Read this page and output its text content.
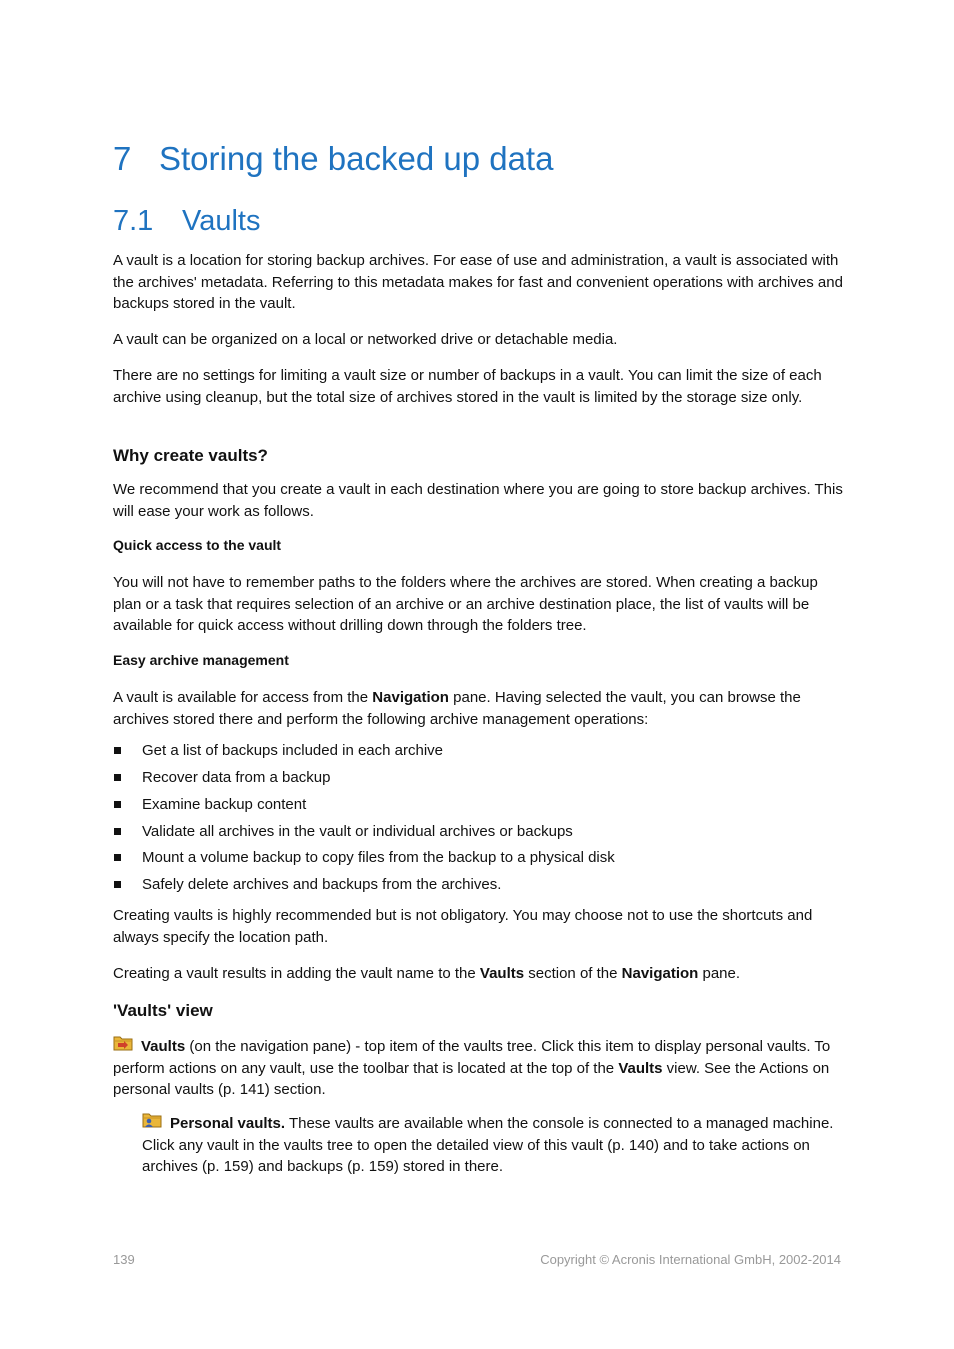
7 Storing the backed up data
7.1 Vaults
A vault is a location for storing backup archives. For ease of use and administration, a vault is associated with the archives' metadata. Referring to this metadata makes for fast and convenient operations with archives and backups stored in the vault.
A vault can be organized on a local or networked drive or detachable media.
There are no settings for limiting a vault size or number of backups in a vault. You can limit the size of each archive using cleanup, but the total size of archives stored in the vault is limited by the storage size only.
Why create vaults?
We recommend that you create a vault in each destination where you are going to store backup archives. This will ease your work as follows.
Quick access to the vault
You will not have to remember paths to the folders where the archives are stored. When creating a backup plan or a task that requires selection of an archive or an archive destination place, the list of vaults will be available for quick access without drilling down through the folders tree.
Easy archive management
A vault is available for access from the Navigation pane. Having selected the vault, you can browse the archives stored there and perform the following archive management operations:
Get a list of backups included in each archive
Recover data from a backup
Examine backup content
Validate all archives in the vault or individual archives or backups
Mount a volume backup to copy files from the backup to a physical disk
Safely delete archives and backups from the archives.
Creating vaults is highly recommended but is not obligatory. You may choose not to use the shortcuts and always specify the location path.
Creating a vault results in adding the vault name to the Vaults section of the Navigation pane.
'Vaults' view
Vaults (on the navigation pane) - top item of the vaults tree. Click this item to display personal vaults. To perform actions on any vault, use the toolbar that is located at the top of the Vaults view. See the Actions on personal vaults (p. 141) section.
Personal vaults. These vaults are available when the console is connected to a managed machine. Click any vault in the vaults tree to open the detailed view of this vault (p. 140) and to take actions on archives (p. 159) and backups (p. 159) stored in there.
139	Copyright © Acronis International GmbH, 2002-2014
